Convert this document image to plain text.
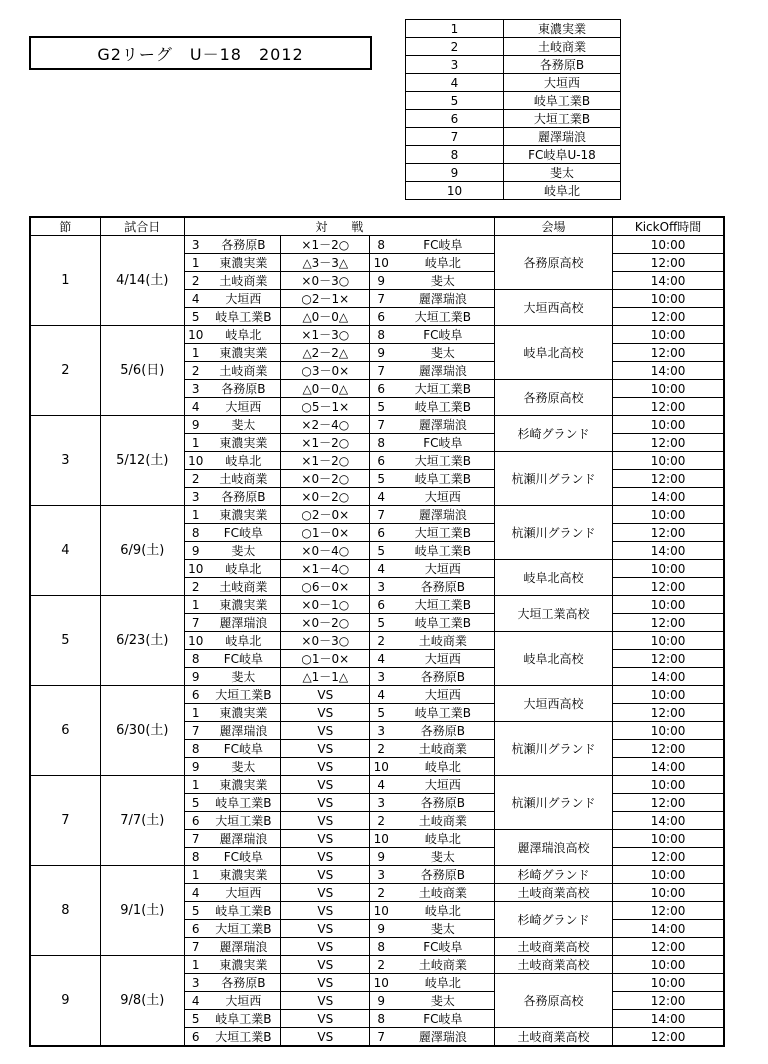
G2リーグ　U－18　2012
1	東濃実業
2	土岐商業
3	各務原B
4	大垣西
5	岐阜工業B
6	大垣工業B
7	麗澤瑞浪
8	FC岐阜U-18
9	斐太
10	岐阜北
節	試合日	対　　戦					会場	KickOff時間
1	4/14(土)	3	各務原B	×1－2○	8	FC岐阜	各務原高校	10:00
		1	東濃実業	△3－3△	10	岐阜北		12:00
		2	土岐商業	×0－3○	9	斐太		14:00
		4	大垣西	○2－1×	7	麗澤瑞浪	大垣西高校	10:00
		5	岐阜工業B	△0－0△	6	大垣工業B		12:00
2	5/6(日)	10	岐阜北	×1－3○	8	FC岐阜	岐阜北高校	10:00
		1	東濃実業	△2－2△	9	斐太		12:00
		2	土岐商業	○3－0×	7	麗澤瑞浪		14:00
		3	各務原B	△0－0△	6	大垣工業B	各務原高校	10:00
		4	大垣西	○5－1×	5	岐阜工業B		12:00
3	5/12(土)	9	斐太	×2－4○	7	麗澤瑞浪	杉崎グランド	10:00
		1	東濃実業	×1－2○	8	FC岐阜		12:00
		10	岐阜北	×1－2○	6	大垣工業B	杭瀬川グランド	10:00
		2	土岐商業	×0－2○	5	岐阜工業B		12:00
		3	各務原B	×0－2○	4	大垣西		14:00
4	6/9(土)	1	東濃実業	○2－0×	7	麗澤瑞浪	杭瀬川グランド	10:00
		8	FC岐阜	○1－0×	6	大垣工業B		12:00
		9	斐太	×0－4○	5	岐阜工業B		14:00
		10	岐阜北	×1－4○	4	大垣西	岐阜北高校	10:00
		2	土岐商業	○6－0×	3	各務原B		12:00
5	6/23(土)	1	東濃実業	×0－1○	6	大垣工業B	大垣工業高校	10:00
		7	麗澤瑞浪	×0－2○	5	岐阜工業B		12:00
		10	岐阜北	×0－3○	2	土岐商業	岐阜北高校	10:00
		8	FC岐阜	○1－0×	4	大垣西		12:00
		9	斐太	△1－1△	3	各務原B		14:00
6	6/30(土)	6	大垣工業B	VS	4	大垣西	大垣西高校	10:00
		1	東濃実業	VS	5	岐阜工業B		12:00
		7	麗澤瑞浪	VS	3	各務原B	杭瀬川グランド	10:00
		8	FC岐阜	VS	2	土岐商業		12:00
		9	斐太	VS	10	岐阜北		14:00
7	7/7(土)	1	東濃実業	VS	4	大垣西	杭瀬川グランド	10:00
		5	岐阜工業B	VS	3	各務原B		12:00
		6	大垣工業B	VS	2	土岐商業		14:00
		7	麗澤瑞浪	VS	10	岐阜北	麗澤瑞浪高校	10:00
		8	FC岐阜	VS	9	斐太		12:00
8	9/1(土)	1	東濃実業	VS	3	各務原B	杉崎グランド	10:00
		4	大垣西	VS	2	土岐商業	土岐商業高校	10:00
		5	岐阜工業B	VS	10	岐阜北	杉崎グランド	12:00
		6	大垣工業B	VS	9	斐太		14:00
		7	麗澤瑞浪	VS	8	FC岐阜	土岐商業高校	12:00
9	9/8(土)	1	東濃実業	VS	2	土岐商業	土岐商業高校	10:00
		3	各務原B	VS	10	岐阜北	各務原高校	10:00
		4	大垣西	VS	9	斐太		12:00
		5	岐阜工業B	VS	8	FC岐阜		14:00
		6	大垣工業B	VS	7	麗澤瑞浪	土岐商業高校	12:00
